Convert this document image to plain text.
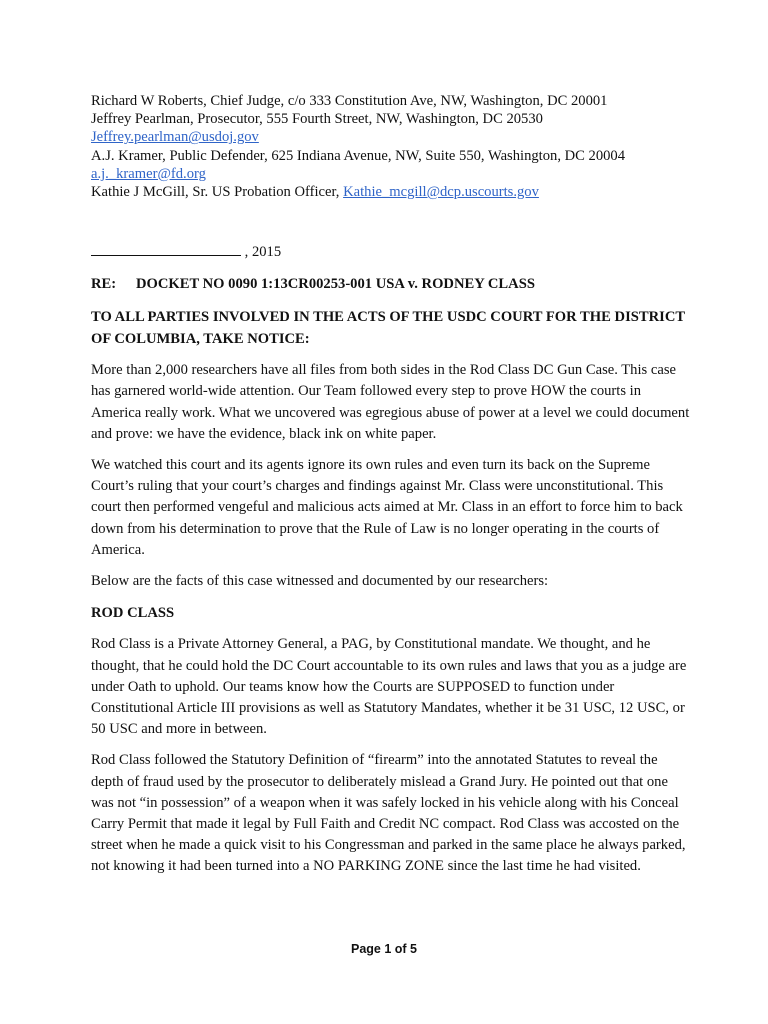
Richard W Roberts, Chief Judge, c/o 333 Constitution Ave, NW, Washington, DC 20001
Jeffrey Pearlman, Prosecutor, 555 Fourth Street, NW, Washington, DC 20530
Jeffrey.pearlman@usdoj.gov
A.J. Kramer, Public Defender, 625 Indiana Avenue, NW, Suite 550, Washington, DC 20004
a.j._kramer@fd.org
Kathie J McGill, Sr. US Probation Officer, Kathie_mcgill@dcp.uscourts.gov
, 2015
RE: DOCKET NO 0090 1:13CR00253-001 USA v. RODNEY CLASS
TO ALL PARTIES INVOLVED IN THE ACTS OF THE USDC COURT FOR THE DISTRICT OF COLUMBIA, TAKE NOTICE:
More than 2,000 researchers have all files from both sides in the Rod Class DC Gun Case. This case has garnered world-wide attention. Our Team followed every step to prove HOW the courts in America really work. What we uncovered was egregious abuse of power at a level we could document and prove: we have the evidence, black ink on white paper.
We watched this court and its agents ignore its own rules and even turn its back on the Supreme Court’s ruling that your court’s charges and findings against Mr. Class were unconstitutional. This court then performed vengeful and malicious acts aimed at Mr. Class in an effort to force him to back down from his determination to prove that the Rule of Law is no longer operating in the courts of America.
Below are the facts of this case witnessed and documented by our researchers:
ROD CLASS
Rod Class is a Private Attorney General, a PAG, by Constitutional mandate. We thought, and he thought, that he could hold the DC Court accountable to its own rules and laws that you as a judge are under Oath to uphold. Our teams know how the Courts are SUPPOSED to function under Constitutional Article III provisions as well as Statutory Mandates, whether it be 31 USC, 12 USC, or 50 USC and more in between.
Rod Class followed the Statutory Definition of “firearm” into the annotated Statutes to reveal the depth of fraud used by the prosecutor to deliberately mislead a Grand Jury. He pointed out that one was not “in possession” of a weapon when it was safely locked in his vehicle along with his Conceal Carry Permit that made it legal by Full Faith and Credit NC compact. Rod Class was accosted on the street when he made a quick visit to his Congressman and parked in the same place he always parked, not knowing it had been turned into a NO PARKING ZONE since the last time he had visited.
Page 1 of 5
